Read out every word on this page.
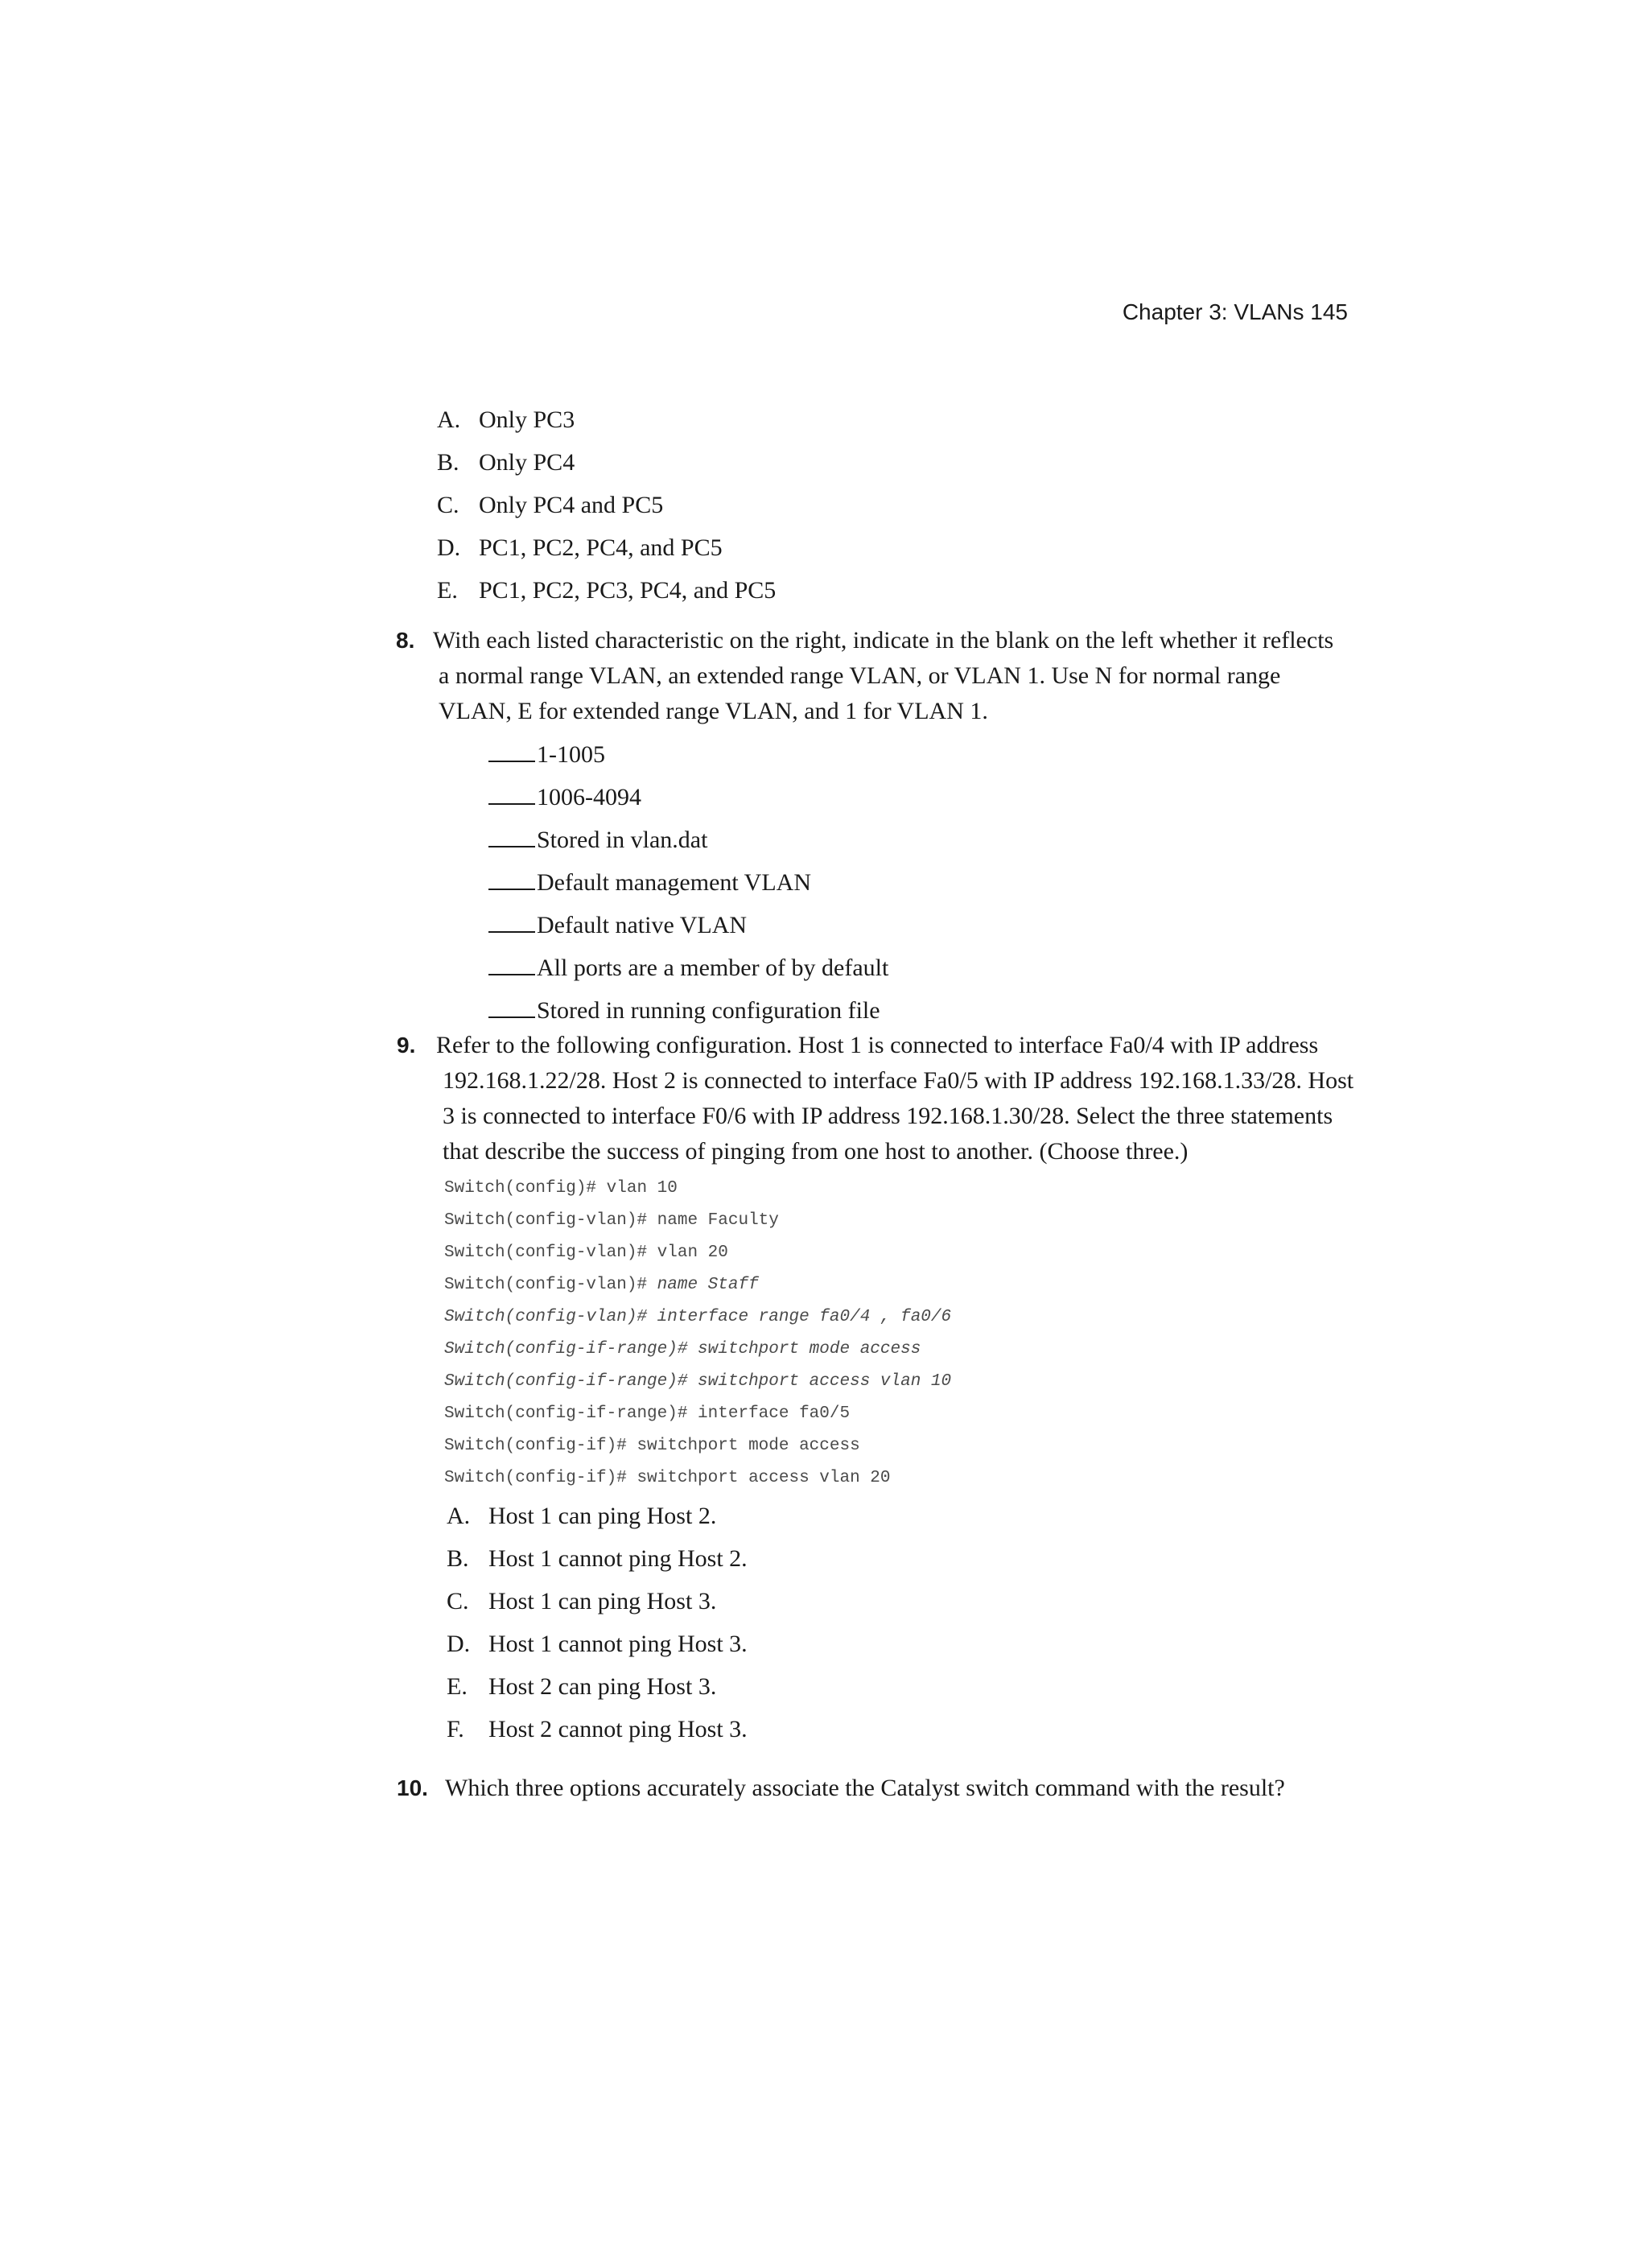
Chapter 3: VLANs 145
A. Only PC3
B. Only PC4
C. Only PC4 and PC5
D. PC1, PC2, PC4, and PC5
E. PC1, PC2, PC3, PC4, and PC5
8. With each listed characteristic on the right, indicate in the blank on the left whether it reflects
a normal range VLAN, an extended range VLAN, or VLAN 1. Use N for normal range
VLAN, E for extended range VLAN, and 1 for VLAN 1.
1-1005
1006-4094
Stored in vlan.dat
Default management VLAN
Default native VLAN
All ports are a member of by default
Stored in running configuration file
9. Refer to the following configuration. Host 1 is connected to interface Fa0/4 with IP address
192.168.1.22/28. Host 2 is connected to interface Fa0/5 with IP address 192.168.1.33/28. Host
3 is connected to interface F0/6 with IP address 192.168.1.30/28. Select the three statements
that describe the success of pinging from one host to another. (Choose three.)
Switch(config)# vlan 10
Switch(config-vlan)# name Faculty
Switch(config-vlan)# vlan 20
Switch(config-vlan)# name Staff
Switch(config-vlan)# interface range fa0/4 , fa0/6
Switch(config-if-range)# switchport mode access
Switch(config-if-range)# switchport access vlan 10
Switch(config-if-range)# interface fa0/5
Switch(config-if)# switchport mode access
Switch(config-if)# switchport access vlan 20
A. Host 1 can ping Host 2.
B. Host 1 cannot ping Host 2.
C. Host 1 can ping Host 3.
D. Host 1 cannot ping Host 3.
E. Host 2 can ping Host 3.
F. Host 2 cannot ping Host 3.
10. Which three options accurately associate the Catalyst switch command with the result?
